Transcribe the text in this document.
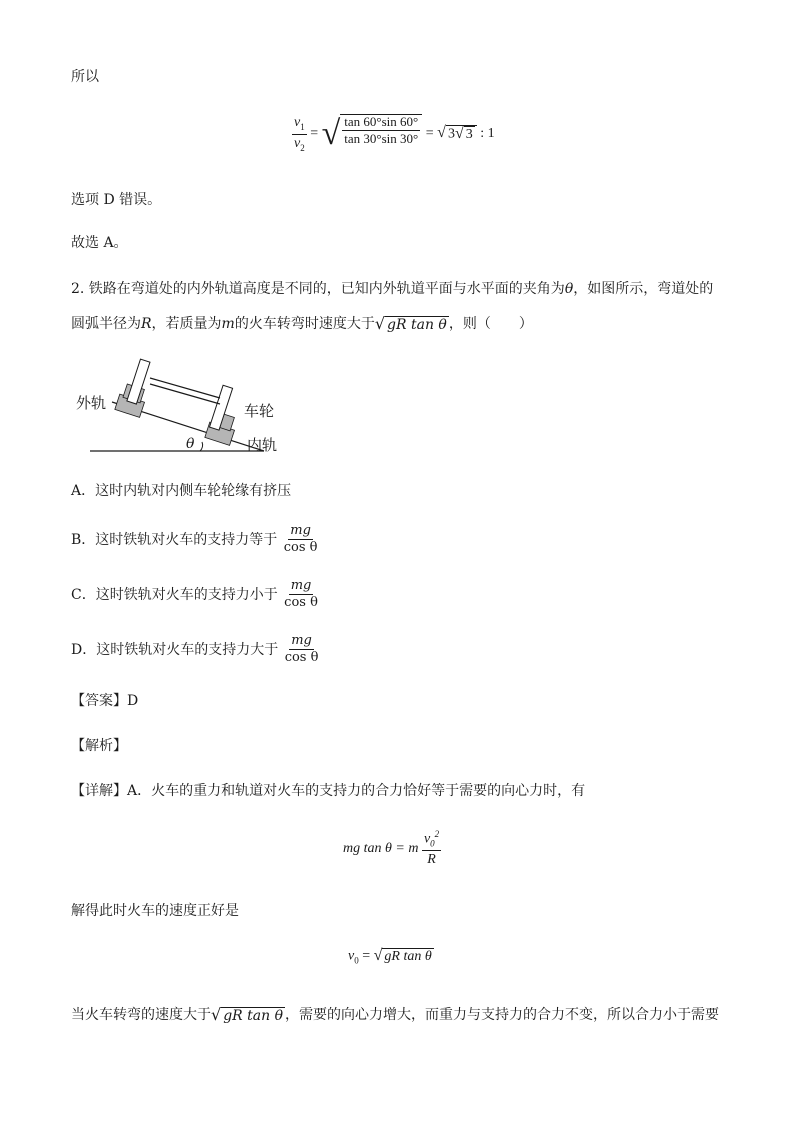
所以
$\frac{v_1}{v_2}$ = √ $\frac{\tan 60^\circ\sin 60^\circ}{\tan 30^\circ\sin 30^\circ}$ = √ 3 √ 3 : 1
选项 D 错误。
故选 A。
2. 铁路在弯道处的内外轨道高度是不同的，已知内外轨道平面与水平面的夹角为θ，如图所示，弯道处的
圆弧半径为R，若质量为m的火车转弯时速度大于 √ gR tan θ ，则（　　）
外轨	车轮
内轨
θ
A．这时内轨对内侧车轮轮缘有挤压
B．这时铁轨对火车的支持力等于 $\frac{mg}{\text{cos θ}}$
C．这时铁轨对火车的支持力小于 $\frac{mg}{\text{cos θ}}$
D．这时铁轨对火车的支持力大于 $\frac{mg}{\text{cos θ}}$
【答案】D
【解析】
【详解】A．火车的重力和轨道对火车的支持力的合力恰好等于需要的向心力时，有
mg tan θ = m $\frac{v_0^2}{R}$
解得此时火车的速度正好是
$v_0$ = √ gR tan θ
当火车转弯的速度大于 √ gR tan θ ，需要的向心力增大，而重力与支持力的合力不变，所以合力小于需要
